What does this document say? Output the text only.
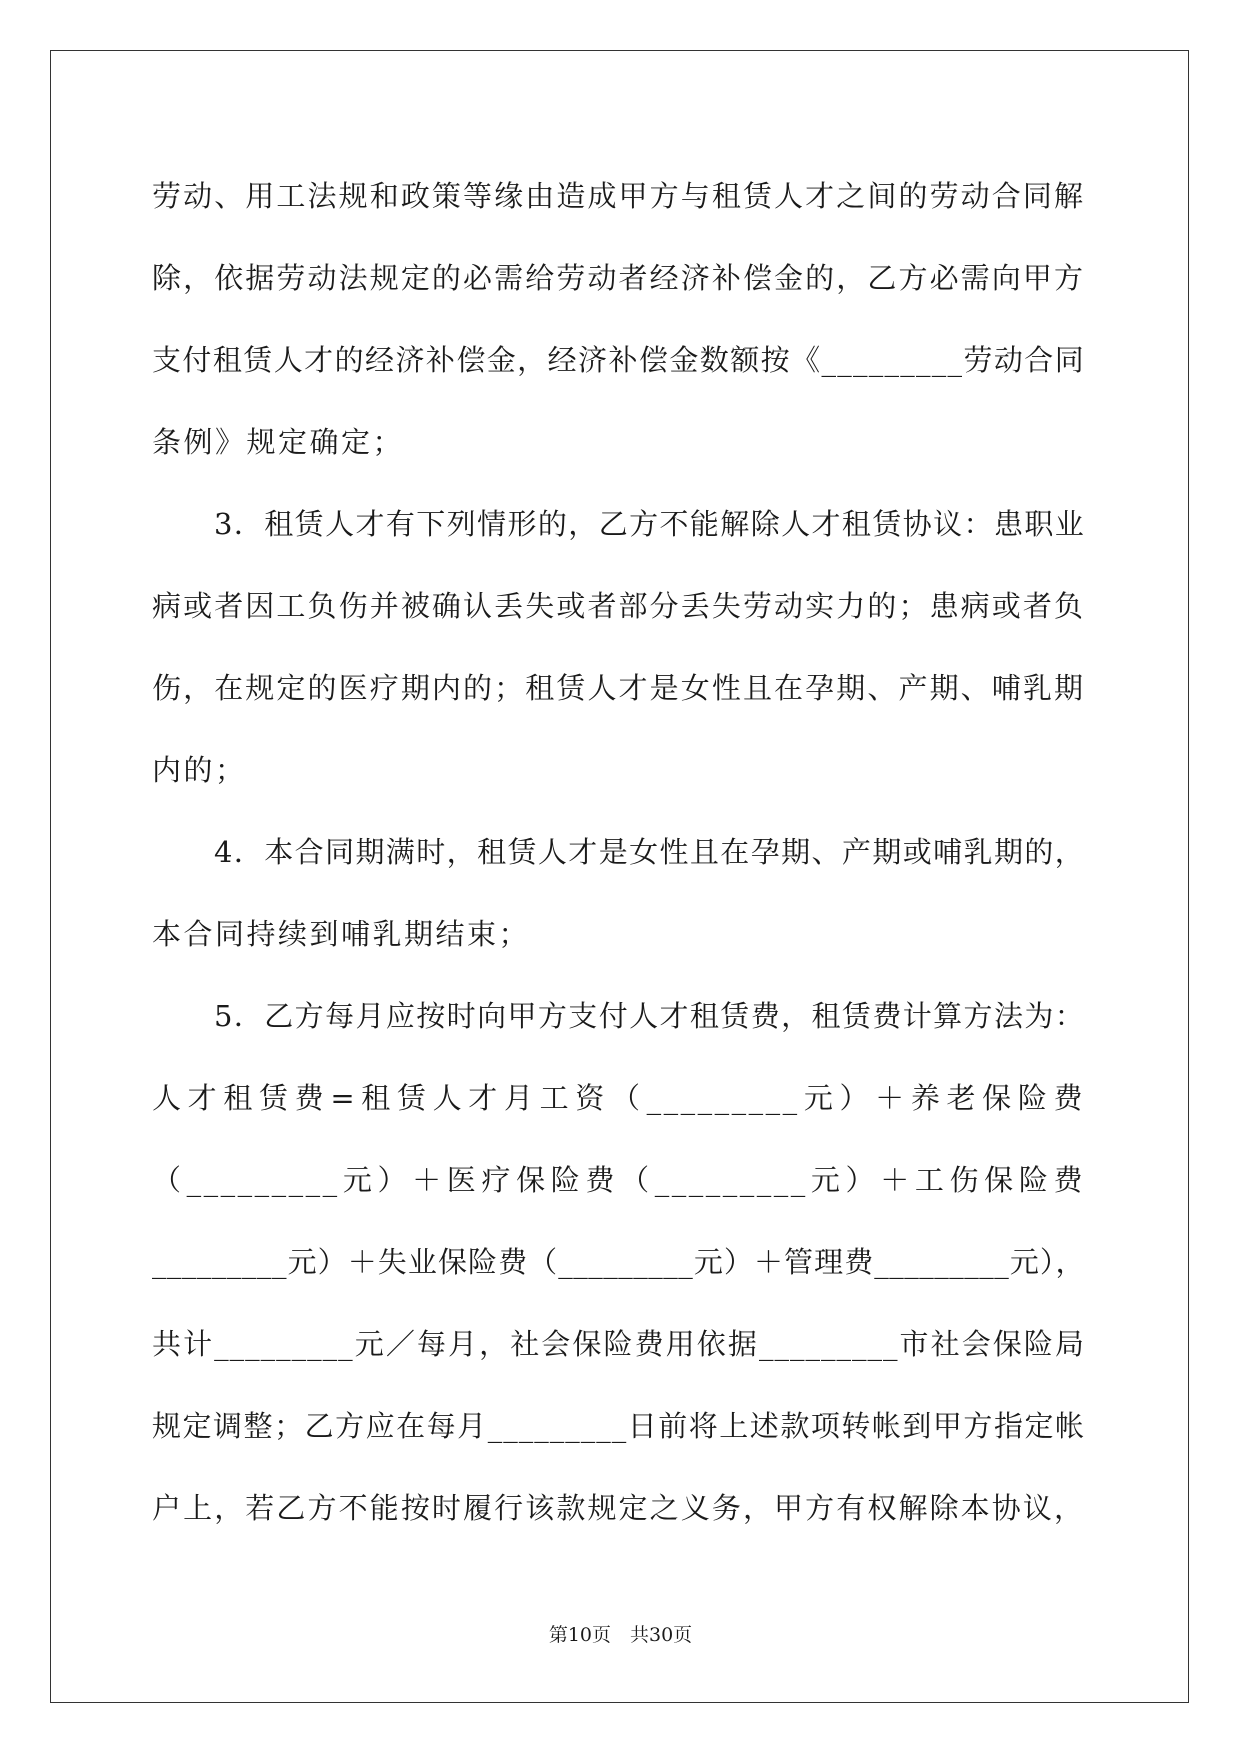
劳动、用工法规和政策等缘由造成甲方与租赁人才之间的劳动合同解
除，依据劳动法规定的必需给劳动者经济补偿金的，乙方必需向甲方
支付租赁人才的经济补偿金，经济补偿金数额按《_________劳动合同
条例》规定确定；
3．租赁人才有下列情形的，乙方不能解除人才租赁协议：患职业
病或者因工负伤并被确认丢失或者部分丢失劳动实力的；患病或者负
伤，在规定的医疗期内的；租赁人才是女性且在孕期、产期、哺乳期
内的；
4．本合同期满时，租赁人才是女性且在孕期、产期或哺乳期的，
本合同持续到哺乳期结束；
5．乙方每月应按时向甲方支付人才租赁费，租赁费计算方法为：
人才租赁费=租赁人才月工资（_________元）＋养老保险费
（_________元）＋医疗保险费（_________元）＋工伤保险费
_________元）＋失业保险费（_________元）＋管理费_________元），
共计_________元／每月，社会保险费用依据_________市社会保险局
规定调整；乙方应在每月_________日前将上述款项转帐到甲方指定帐
户上，若乙方不能按时履行该款规定之义务，甲方有权解除本协议，
第10页　共30页
